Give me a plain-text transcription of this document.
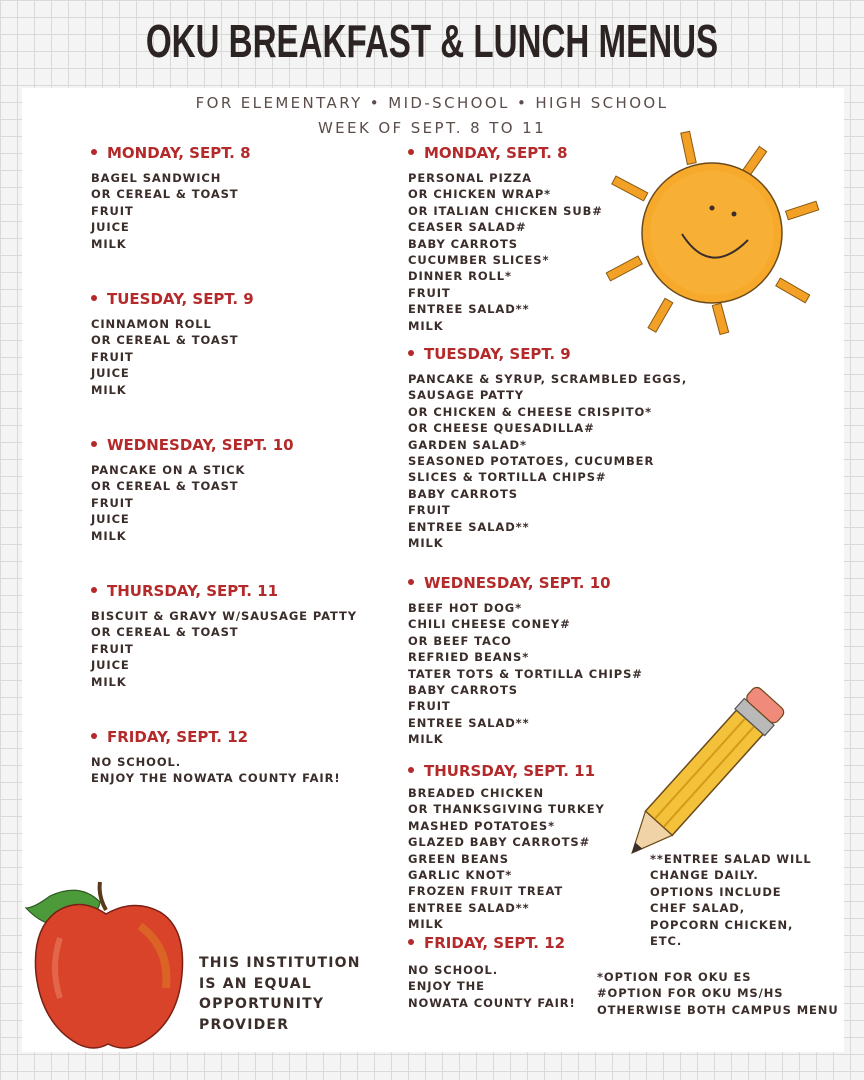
OKU BREAKFAST & LUNCH MENUS
FOR ELEMENTARY • MID-SCHOOL • HIGH SCHOOL
WEEK OF SEPT. 8 TO 11

MONDAY, SEPT. 8

BAGEL SANDWICH
OR CEREAL & TOAST
FRUIT
JUICE
MILK

TUESDAY, SEPT. 9

CINNAMON ROLL
OR CEREAL & TOAST
FRUIT
JUICE
MILK

WEDNESDAY, SEPT. 10

PANCAKE ON A STICK
OR CEREAL & TOAST
FRUIT
JUICE
MILK

THURSDAY, SEPT. 11

BISCUIT & GRAVY W/SAUSAGE PATTY
OR CEREAL & TOAST
FRUIT
JUICE
MILK

FRIDAY, SEPT. 12

NO SCHOOL.
ENJOY THE NOWATA COUNTY FAIR!

MONDAY, SEPT. 8

PERSONAL PIZZA
OR CHICKEN WRAP*
OR ITALIAN CHICKEN SUB#
CEASER SALAD#
BABY CARROTS
CUCUMBER SLICES*
DINNER ROLL*
FRUIT
ENTREE SALAD**
MILK

TUESDAY, SEPT. 9

PANCAKE & SYRUP, SCRAMBLED EGGS,
SAUSAGE PATTY
OR CHICKEN & CHEESE CRISPITO*
OR CHEESE QUESADILLA#
GARDEN SALAD*
SEASONED POTATOES, CUCUMBER
SLICES & TORTILLA CHIPS#
BABY CARROTS
FRUIT
ENTREE SALAD**
MILK

WEDNESDAY, SEPT. 10

BEEF HOT DOG*
CHILI CHEESE CONEY#
OR BEEF TACO
REFRIED BEANS*
TATER TOTS & TORTILLA CHIPS#
BABY CARROTS
FRUIT
ENTREE SALAD**
MILK

THURSDAY, SEPT. 11

BREADED CHICKEN
OR THANKSGIVING TURKEY
MASHED POTATOES*
GLAZED BABY CARROTS#
GREEN BEANS
GARLIC KNOT*
FROZEN FRUIT TREAT
ENTREE SALAD**
MILK

FRIDAY, SEPT. 12

NO SCHOOL.
ENJOY THE
NOWATA COUNTY FAIR!
**ENTREE SALAD WILL
CHANGE DAILY.
OPTIONS INCLUDE
CHEF SALAD,
POPCORN CHICKEN,
ETC.
*OPTION FOR OKU ES
#OPTION FOR OKU MS/HS
OTHERWISE BOTH CAMPUS MENU
THIS INSTITUTION
IS AN EQUAL
OPPORTUNITY
PROVIDER
